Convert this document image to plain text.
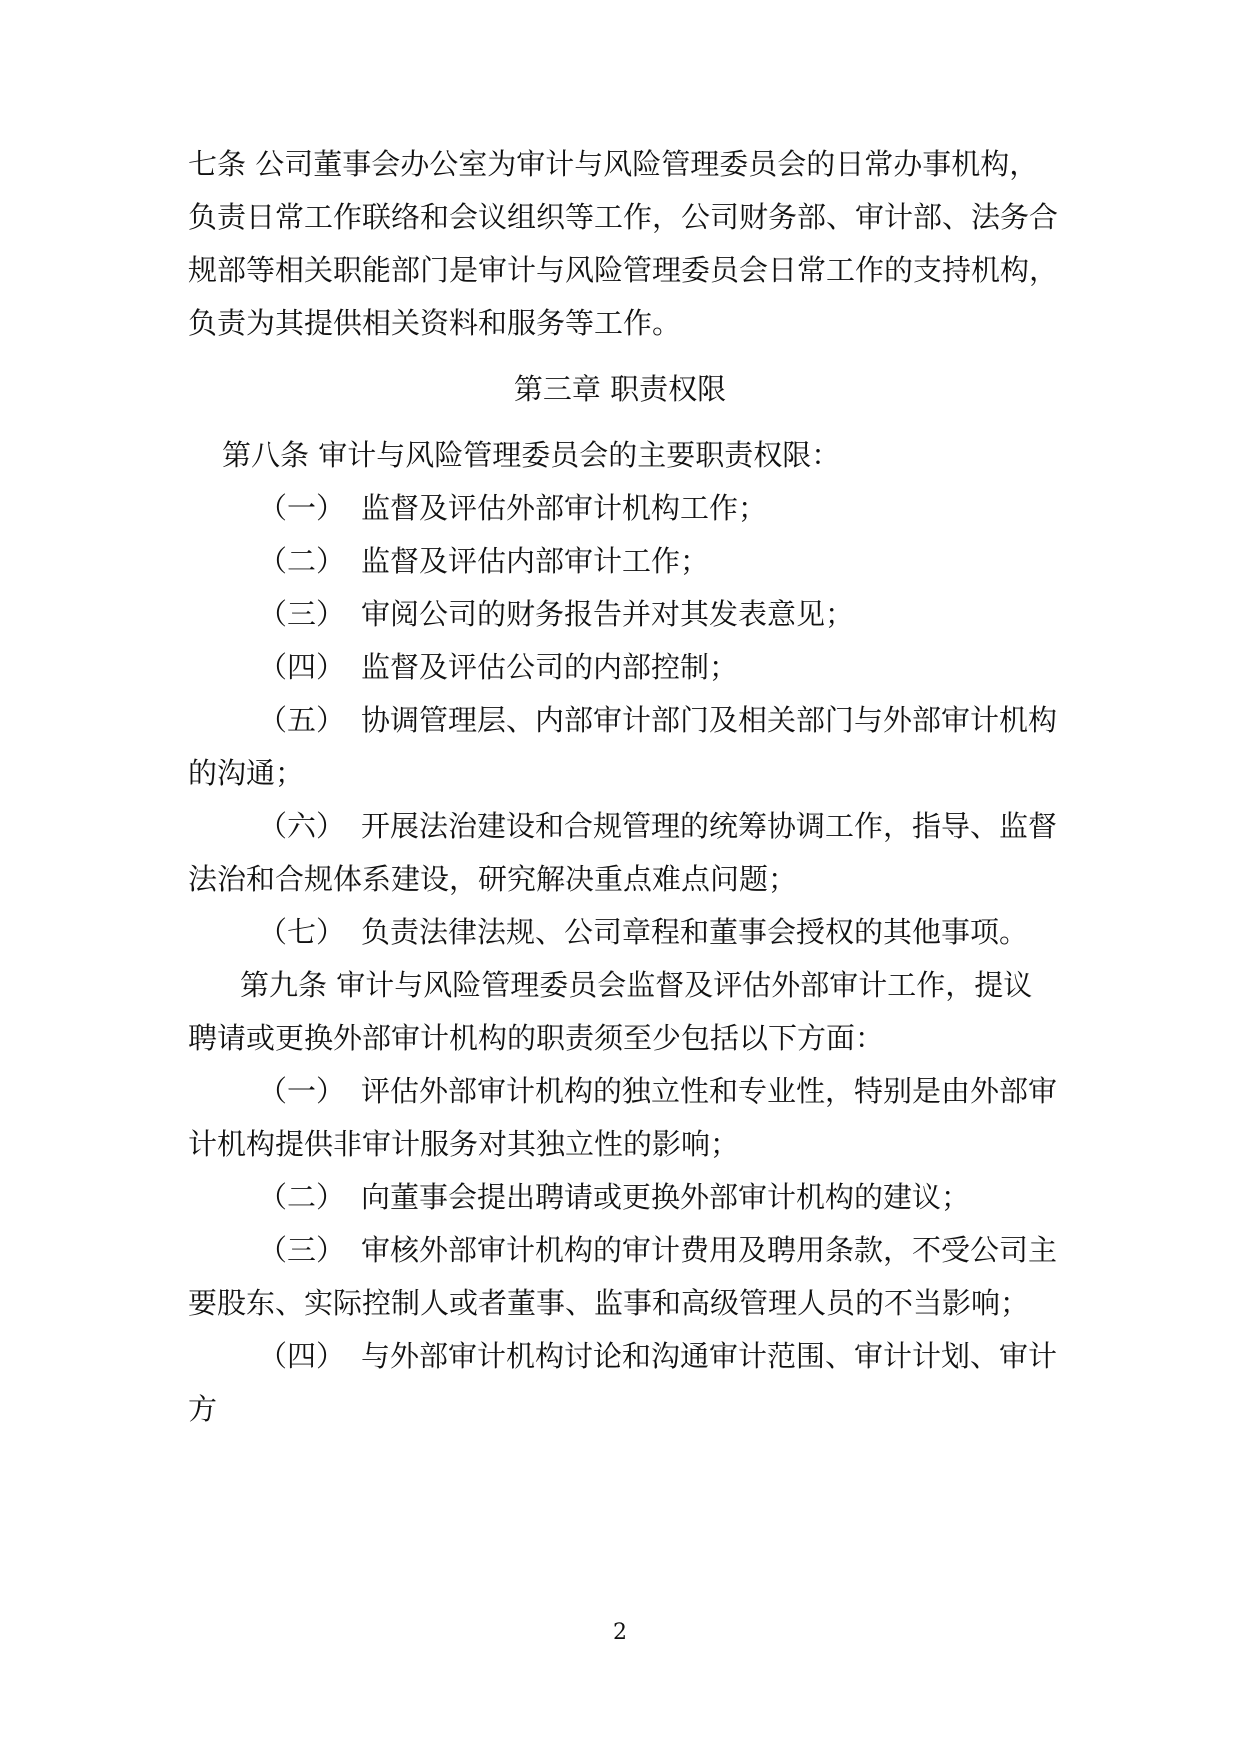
七条 公司董事会办公室为审计与风险管理委员会的日常办事机构，

负责日常工作联络和会议组织等工作，公司财务部、审计部、法务合

规部等相关职能部门是审计与风险管理委员会日常工作的支持机构，

负责为其提供相关资料和服务等工作。

第三章 职责权限

第八条 审计与风险管理委员会的主要职责权限：

（一） 监督及评估外部审计机构工作；

（二） 监督及评估内部审计工作；

（三） 审阅公司的财务报告并对其发表意见；

（四） 监督及评估公司的内部控制；

（五） 协调管理层、内部审计部门及相关部门与外部审计机构

的沟通；

（六） 开展法治建设和合规管理的统筹协调工作，指导、监督

法治和合规体系建设，研究解决重点难点问题；

（七） 负责法律法规、公司章程和董事会授权的其他事项。

第九条 审计与风险管理委员会监督及评估外部审计工作，提议

聘请或更换外部审计机构的职责须至少包括以下方面：

（一） 评估外部审计机构的独立性和专业性，特别是由外部审

计机构提供非审计服务对其独立性的影响；

（二） 向董事会提出聘请或更换外部审计机构的建议；

（三） 审核外部审计机构的审计费用及聘用条款，不受公司主

要股东、实际控制人或者董事、监事和高级管理人员的不当影响；

（四） 与外部审计机构讨论和沟通审计范围、审计计划、审计

方

2
